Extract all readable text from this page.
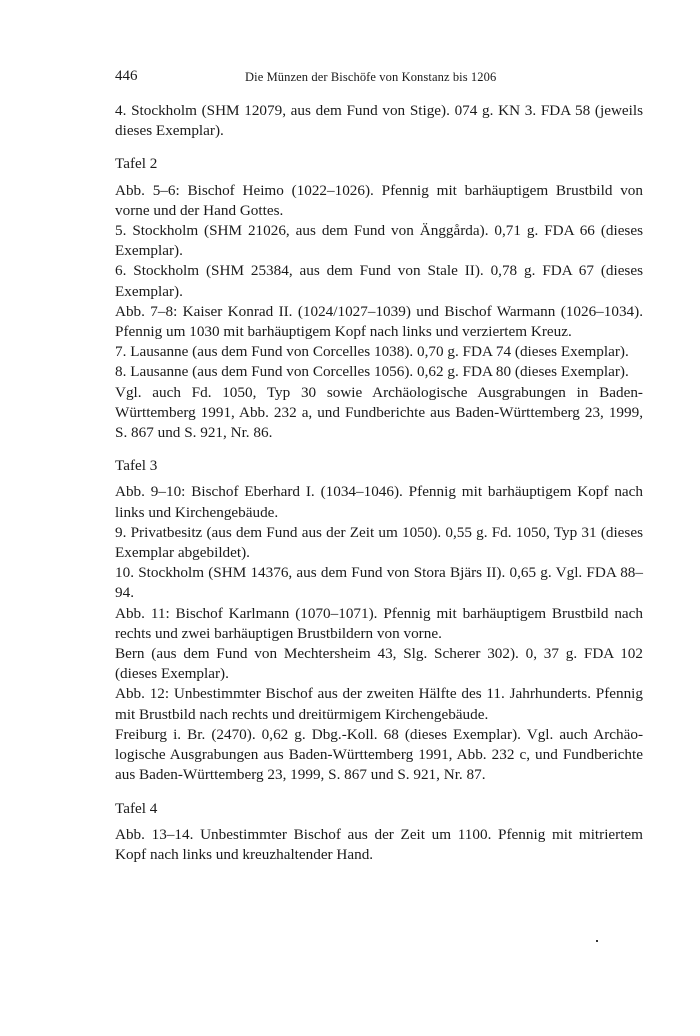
446	Die Münzen der Bischöfe von Konstanz bis 1206

4. Stockholm (SHM 12079, aus dem Fund von Stige). 074 g. KN 3. FDA 58 (jeweils dieses Exemplar).

Tafel 2

Abb. 5–6: Bischof Heimo (1022–1026). Pfennig mit barhäuptigem Brustbild von vorne und der Hand Gottes.

5. Stockholm (SHM 21026, aus dem Fund von Änggårda). 0,71 g. FDA 66 (dieses Exemplar).

6. Stockholm (SHM 25384, aus dem Fund von Stale II). 0,78 g. FDA 67 (dieses Exemplar).

Abb. 7–8: Kaiser Konrad II. (1024/1027–1039) und Bischof Warmann (1026–1034). Pfennig um 1030 mit barhäuptigem Kopf nach links und verziertem Kreuz.

7. Lausanne (aus dem Fund von Corcelles 1038). 0,70 g. FDA 74 (dieses Exemplar).

8. Lausanne (aus dem Fund von Corcelles 1056). 0,62 g. FDA 80 (dieses Exemplar).

Vgl. auch Fd. 1050, Typ 30 sowie Archäologische Ausgrabungen in Baden-Württemberg 1991, Abb. 232 a, und Fundberichte aus Baden-Württemberg 23, 1999, S. 867 und S. 921, Nr. 86.

Tafel 3

Abb. 9–10: Bischof Eberhard I. (1034–1046). Pfennig mit barhäuptigem Kopf nach links und Kirchengebäude.

9. Privatbesitz (aus dem Fund aus der Zeit um 1050). 0,55 g. Fd. 1050, Typ 31 (dieses Exemplar abgebildet).

10. Stockholm (SHM 14376, aus dem Fund von Stora Bjärs II). 0,65 g. Vgl. FDA 88–94.

Abb. 11: Bischof Karlmann (1070–1071). Pfennig mit barhäuptigem Brustbild nach rechts und zwei barhäuptigen Brustbildern von vorne.

Bern (aus dem Fund von Mechtersheim 43, Slg. Scherer 302). 0, 37 g. FDA 102 (dieses Exemplar).

Abb. 12: Unbestimmter Bischof aus der zweiten Hälfte des 11. Jahrhunderts. Pfennig mit Brustbild nach rechts und dreitürmigem Kirchengebäude.

Freiburg i. Br. (2470). 0,62 g. Dbg.-Koll. 68 (dieses Exemplar). Vgl. auch Archäologische Ausgrabungen aus Baden-Württemberg 1991, Abb. 232 c, und Fundberichte aus Baden-Württemberg 23, 1999, S. 867 und S. 921, Nr. 87.

Tafel 4

Abb. 13–14. Unbestimmter Bischof aus der Zeit um 1100. Pfennig mit mitriertem Kopf nach links und kreuzhaltender Hand.
